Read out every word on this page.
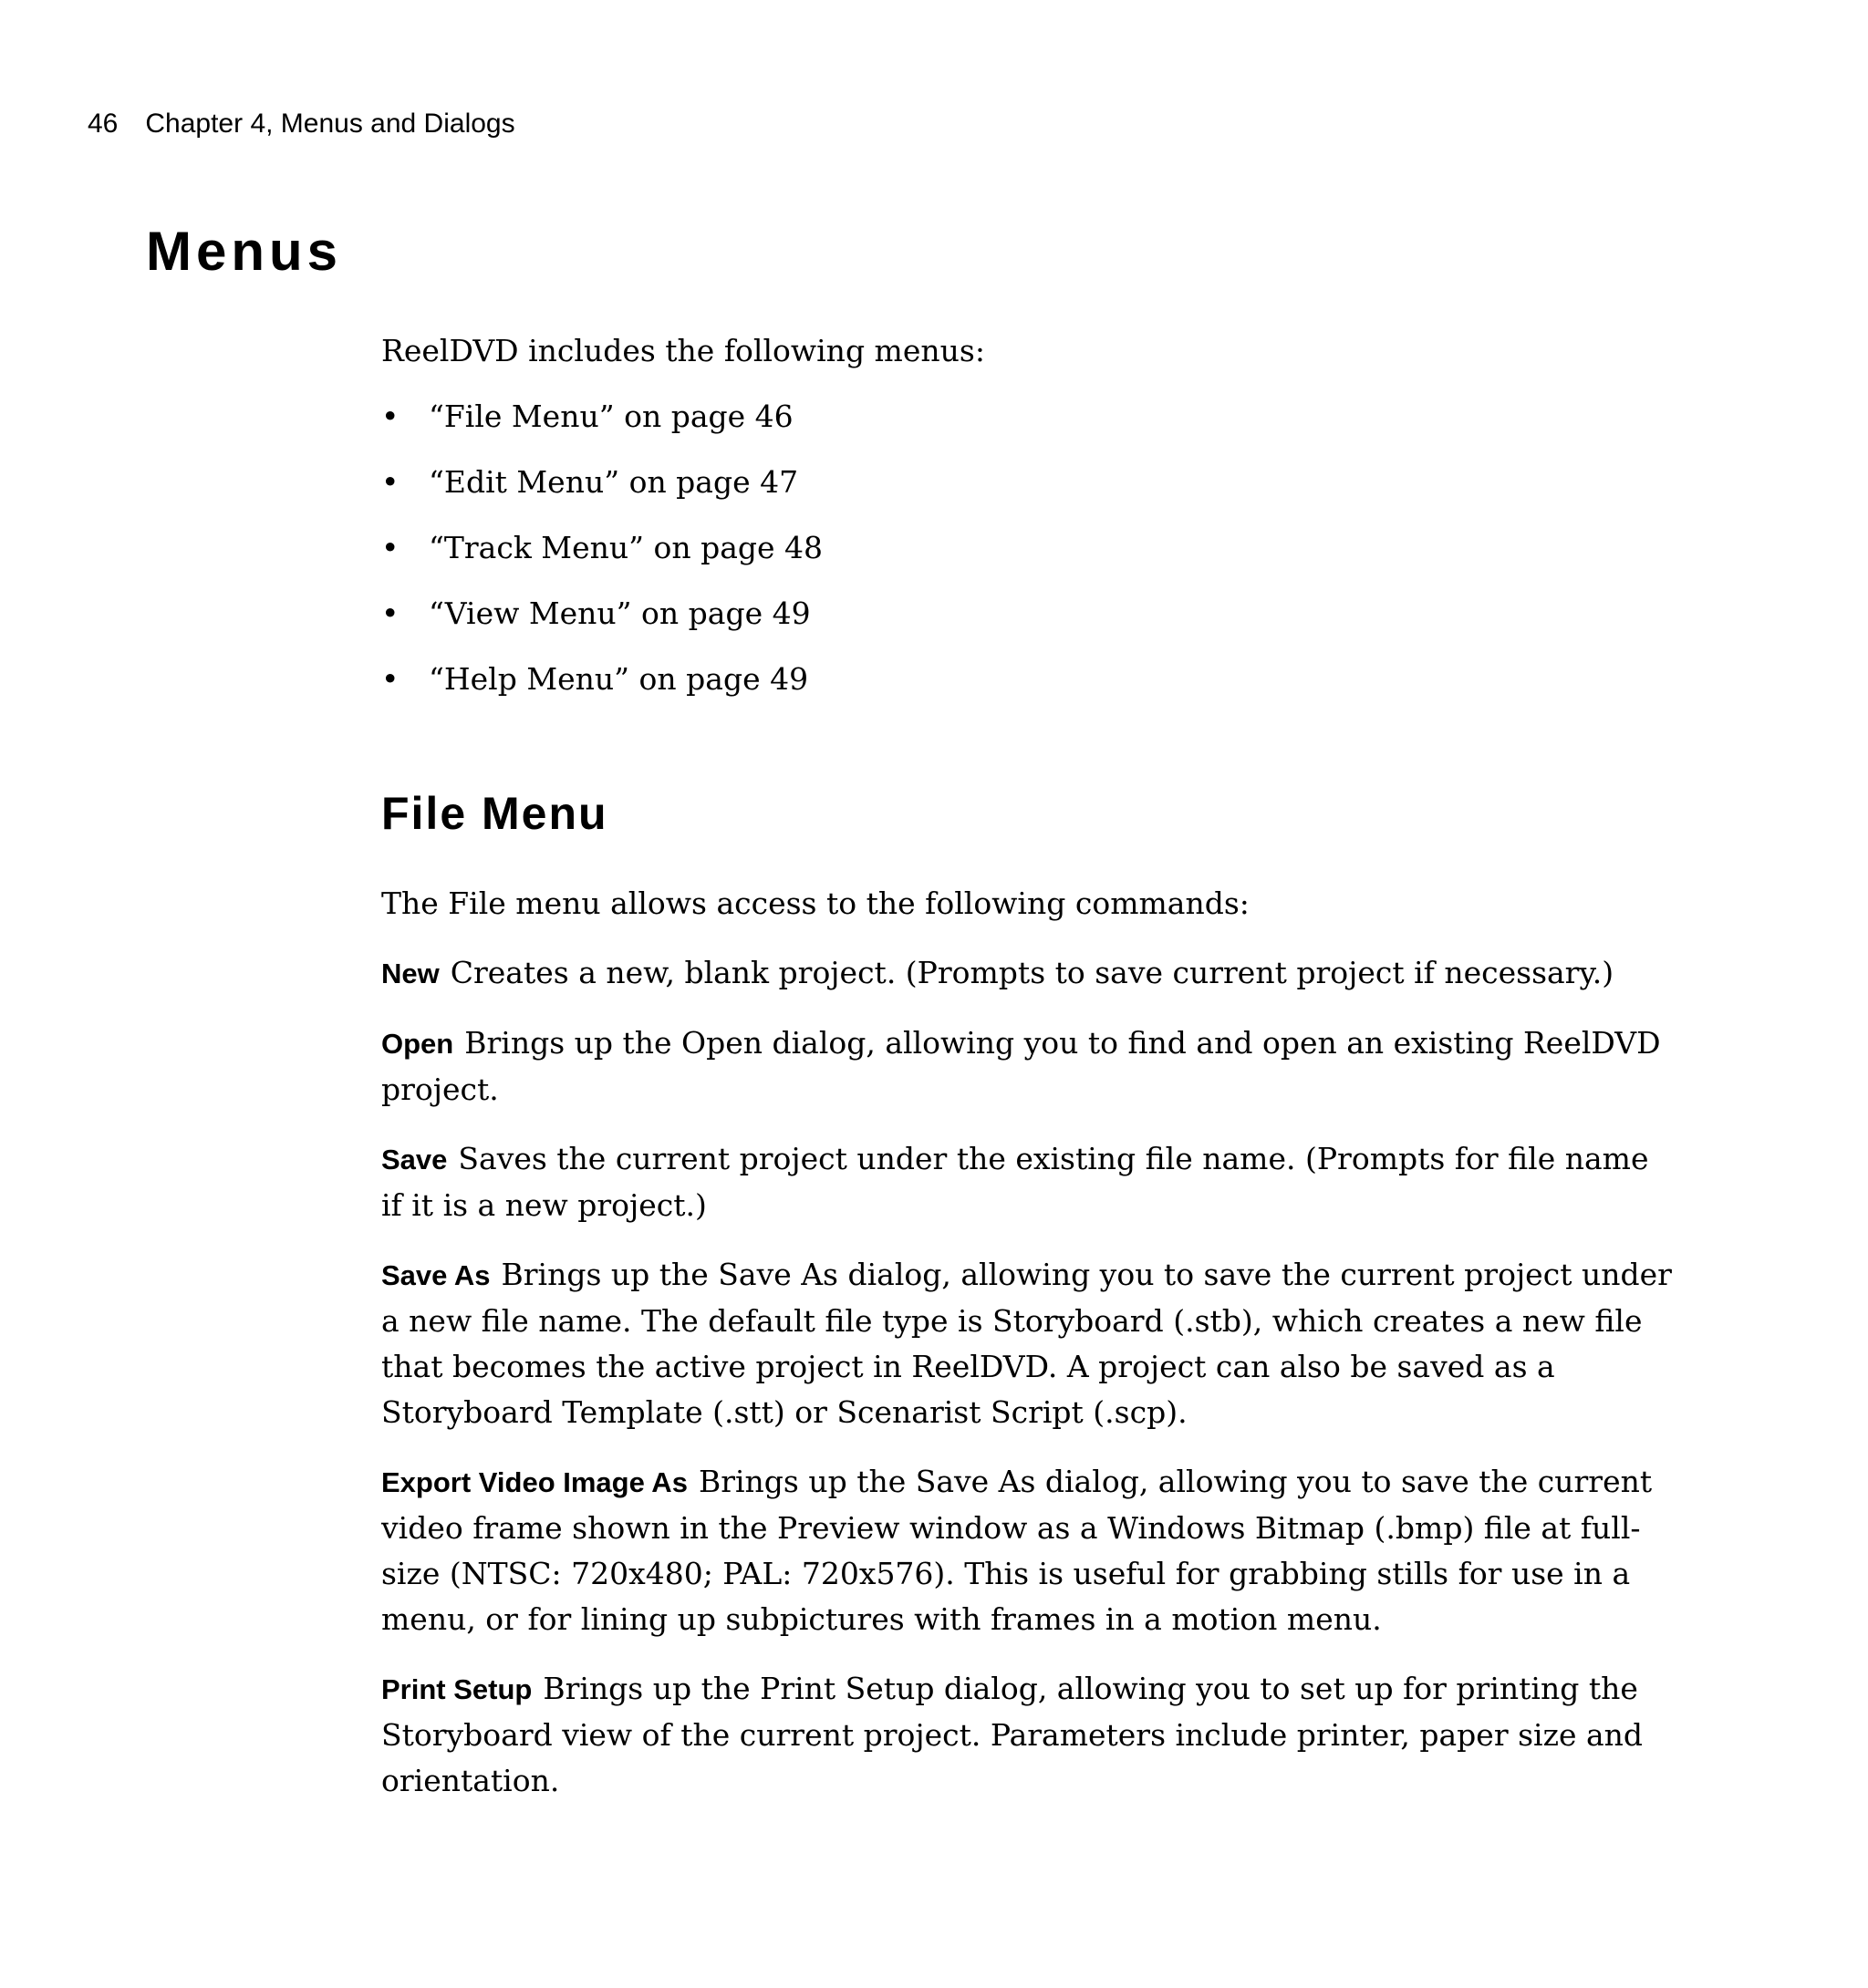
46 Chapter 4, Menus and Dialogs
Menus

ReelDVD includes the following menus:

• “File Menu” on page 46
• “Edit Menu” on page 47
• “Track Menu” on page 48
• “View Menu” on page 49
• “Help Menu” on page 49
File Menu

The File menu allows access to the following commands:

New Creates a new, blank project. (Prompts to save current project if necessary.)

Open Brings up the Open dialog, allowing you to find and open an existing ReelDVD project.

Save Saves the current project under the existing file name. (Prompts for file name if it is a new project.)

Save As Brings up the Save As dialog, allowing you to save the current project under a new file name. The default file type is Storyboard (.stb), which creates a new file that becomes the active project in ReelDVD. A project can also be saved as a Storyboard Template (.stt) or Scenarist Script (.scp).

Export Video Image As Brings up the Save As dialog, allowing you to save the current video frame shown in the Preview window as a Windows Bitmap (.bmp) file at full-size (NTSC: 720x480; PAL: 720x576). This is useful for grabbing stills for use in a menu, or for lining up subpictures with frames in a motion menu.

Print Setup Brings up the Print Setup dialog, allowing you to set up for printing the Storyboard view of the current project. Parameters include printer, paper size and orientation.
